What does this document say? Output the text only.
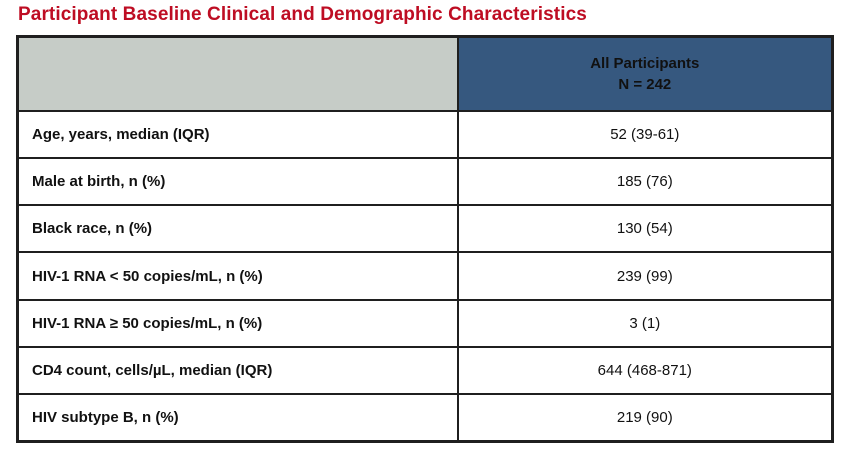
Participant Baseline Clinical and Demographic Characteristics

	All Participants
N = 242

Age, years, median (IQR)	52 (39-61)
Male at birth, n (%)	185 (76)
Black race, n (%)	130 (54)
HIV-1 RNA < 50 copies/mL, n (%)	239 (99)
HIV-1 RNA ≥ 50 copies/mL, n (%)	3 (1)
CD4 count, cells/µL, median (IQR)	644 (468-871)
HIV subtype B, n (%)	219 (90)
